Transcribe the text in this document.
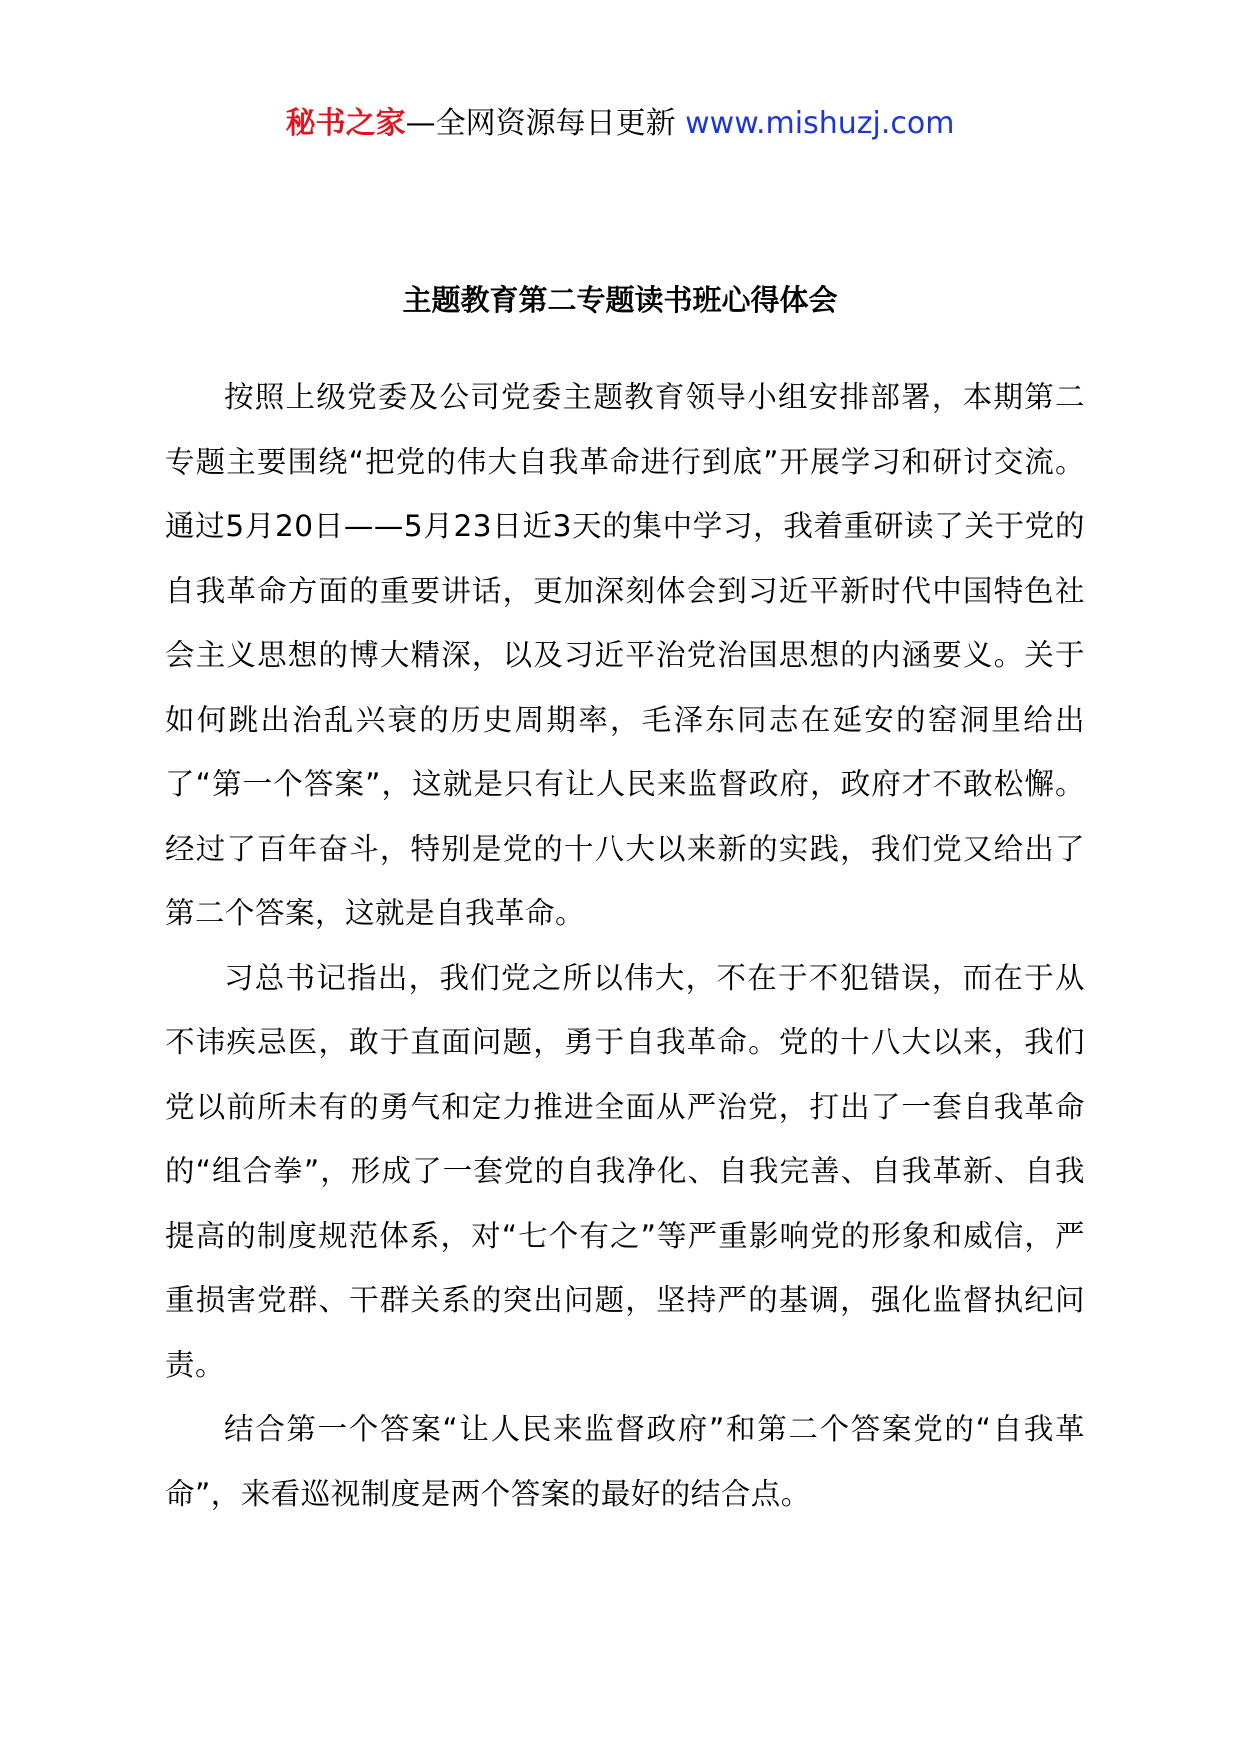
秘书之家—全网资源每日更新 www.mishuzj.com
主题教育第二专题读书班心得体会

按照上级党委及公司党委主题教育领导小组安排部署，本期第二专题主要围绕“把党的伟大自我革命进行到底”开展学习和研讨交流。通过5月20日——5月23日近3天的集中学习，我着重研读了关于党的自我革命方面的重要讲话，更加深刻体会到习近平新时代中国特色社会主义思想的博大精深，以及习近平治党治国思想的内涵要义。关于如何跳出治乱兴衰的历史周期率，毛泽东同志在延安的窑洞里给出了“第一个答案”，这就是只有让人民来监督政府，政府才不敢松懈。经过了百年奋斗，特别是党的十八大以来新的实践，我们党又给出了第二个答案，这就是自我革命。

习总书记指出，我们党之所以伟大，不在于不犯错误，而在于从不讳疾忌医，敢于直面问题，勇于自我革命。党的十八大以来，我们党以前所未有的勇气和定力推进全面从严治党，打出了一套自我革命的“组合拳”，形成了一套党的自我净化、自我完善、自我革新、自我提高的制度规范体系，对“七个有之”等严重影响党的形象和威信，严重损害党群、干群关系的突出问题，坚持严的基调，强化监督执纪问责。

结合第一个答案“让人民来监督政府”和第二个答案党的“自我革命”，来看巡视制度是两个答案的最好的结合点。
